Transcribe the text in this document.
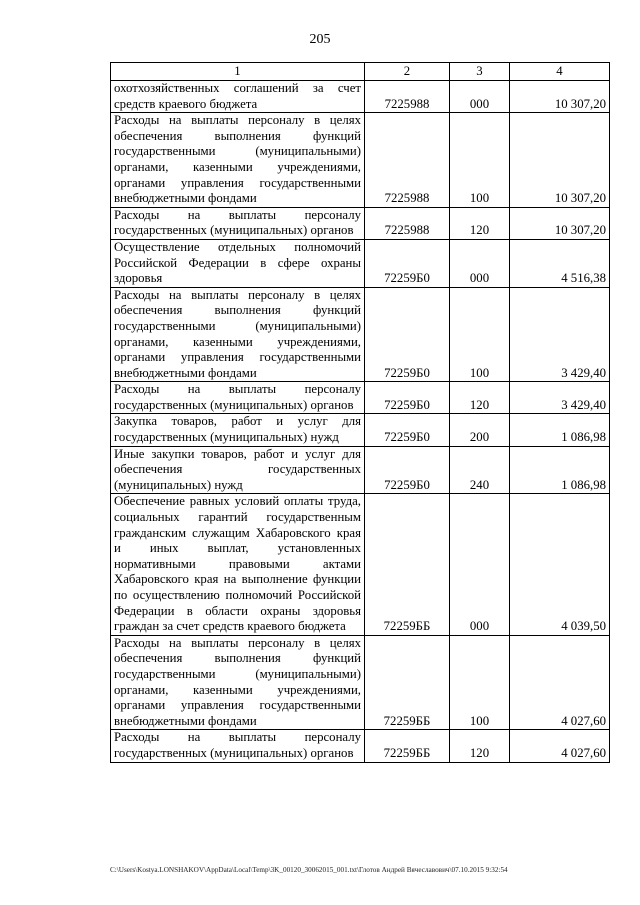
205
1	2	3	4
охотхозяйственных соглашений за счет средств краевого бюджета	7225988	000	10 307,20
Расходы на выплаты персоналу в целях обеспечения выполнения функций государственными (муниципальными) органами, казенными учреждениями, органами управления государственными внебюджетными фондами	7225988	100	10 307,20
Расходы на выплаты персоналу государственных (муниципальных) органов	7225988	120	10 307,20
Осуществление отдельных полномочий Российской Федерации в сфере охраны здоровья	72259Б0	000	4 516,38
Расходы на выплаты персоналу в целях обеспечения выполнения функций государственными (муниципальными) органами, казенными учреждениями, органами управления государственными внебюджетными фондами	72259Б0	100	3 429,40
Расходы на выплаты персоналу государственных (муниципальных) органов	72259Б0	120	3 429,40
Закупка товаров, работ и услуг для государственных (муниципальных) нужд	72259Б0	200	1 086,98
Иные закупки товаров, работ и услуг для обеспечения государственных (муниципальных) нужд	72259Б0	240	1 086,98
Обеспечение равных условий оплаты труда, социальных гарантий государственным гражданским служащим Хабаровского края и иных выплат, установленных нормативными правовыми актами Хабаровского края на выполнение функции по осуществлению полномочий Российской Федерации в области охраны здоровья граждан за счет средств краевого бюджета	72259ББ	000	4 039,50
Расходы на выплаты персоналу в целях обеспечения выполнения функций государственными (муниципальными) органами, казенными учреждениями, органами управления государственными внебюджетными фондами	72259ББ	100	4 027,60
Расходы на выплаты персоналу государственных (муниципальных) органов	72259ББ	120	4 027,60
C:\Users\Kostya.LONSHAKOV\AppData\Local\Temp\3K_00120_30062015_001.txt\Глотов Андрей Вячеславович\07.10.2015 9:32:54
